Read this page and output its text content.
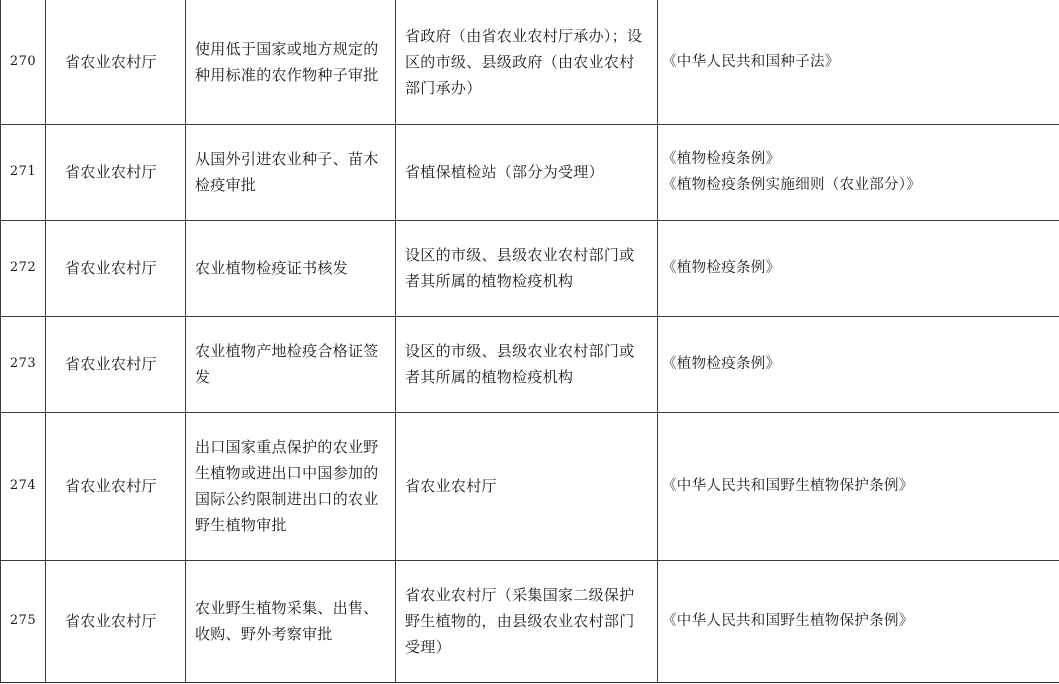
270	省农业农村厅	使用低于国家或地方规定的种用标准的农作物种子审批	省政府（由省农业农村厅承办）；设区的市级、县级政府（由农业农村部门承办）	《中华人民共和国种子法》

271	省农业农村厅	从国外引进农业种子、苗木检疫审批	省植保植检站（部分为受理）	《植物检疫条例》
《植物检疫条例实施细则（农业部分）》

272	省农业农村厅	农业植物检疫证书核发	设区的市级、县级农业农村部门或者其所属的植物检疫机构	《植物检疫条例》

273	省农业农村厅	农业植物产地检疫合格证签发	设区的市级、县级农业农村部门或者其所属的植物检疫机构	《植物检疫条例》

274	省农业农村厅	出口国家重点保护的农业野生植物或进出口中国参加的国际公约限制进出口的农业野生植物审批	省农业农村厅	《中华人民共和国野生植物保护条例》

275	省农业农村厅	农业野生植物采集、出售、收购、野外考察审批	省农业农村厅（采集国家二级保护野生植物的，由县级农业农村部门受理）	《中华人民共和国野生植物保护条例》
